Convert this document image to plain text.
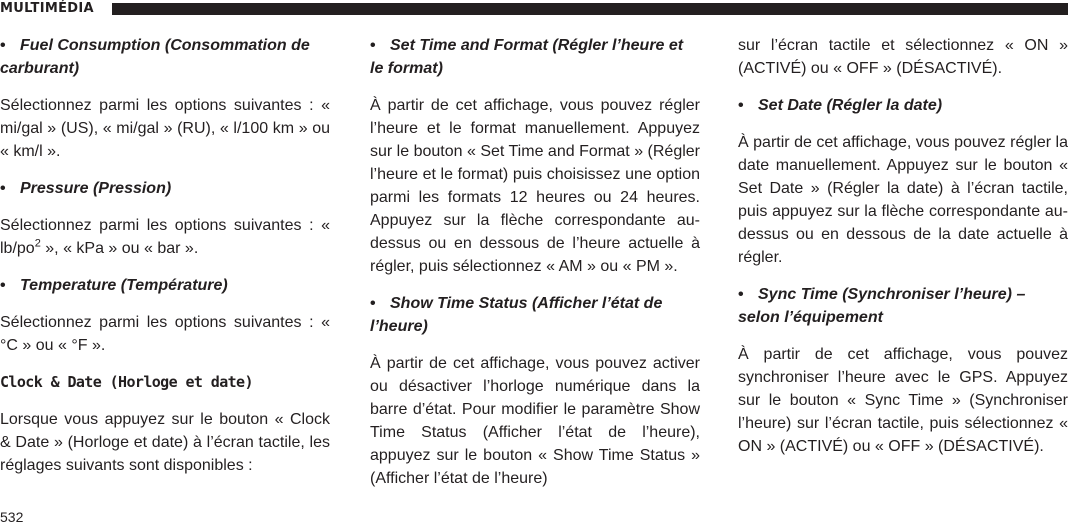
MULTIMÉDIA
• Fuel Consumption (Consommation de carburant)

Sélectionnez parmi les options suivantes : « mi/gal » (US), « mi/gal » (RU), « l/100 km » ou « km/l ».

• Pressure (Pression)

Sélectionnez parmi les options suivantes : « $lb/po^2$ », « kPa » ou « bar ».

• Temperature (Température)

Sélectionnez parmi les options suivantes : « °C » ou « °F ».

Clock & Date (Horloge et date)

Lorsque vous appuyez sur le bouton « Clock & Date » (Horloge et date) à l’écran tactile, les réglages suivants sont disponibles :

• Set Time and Format (Régler l’heure et le format)

À partir de cet affichage, vous pouvez régler l’heure et le format manuellement. Appuyez sur le bouton « Set Time and Format » (Régler l’heure et le format) puis choisissez une option parmi les formats 12 heures ou 24 heures. Appuyez sur la flèche correspondante au-dessus ou en dessous de l’heure actuelle à régler, puis sélectionnez « AM » ou « PM ».

• Show Time Status (Afficher l’état de l’heure)

À partir de cet affichage, vous pouvez activer ou désactiver l’horloge numérique dans la barre d’état. Pour modifier le paramètre Show Time Status (Afficher l’état de l’heure), appuyez sur le bouton « Show Time Status » (Afficher l’état de l’heure)

sur l’écran tactile et sélectionnez « ON » (ACTIVÉ) ou « OFF » (DÉSACTIVÉ).

• Set Date (Régler la date)

À partir de cet affichage, vous pouvez régler la date manuellement. Appuyez sur le bouton « Set Date » (Régler la date) à l’écran tactile, puis appuyez sur la flèche correspondante au-dessus ou en dessous de la date actuelle à régler.

• Sync Time (Synchroniser l’heure) – selon l’équipement

À partir de cet affichage, vous pouvez synchroniser l’heure avec le GPS. Appuyez sur le bouton « Sync Time » (Synchroniser l’heure) sur l’écran tactile, puis sélectionnez « ON » (ACTIVÉ) ou « OFF » (DÉSACTIVÉ).

532
